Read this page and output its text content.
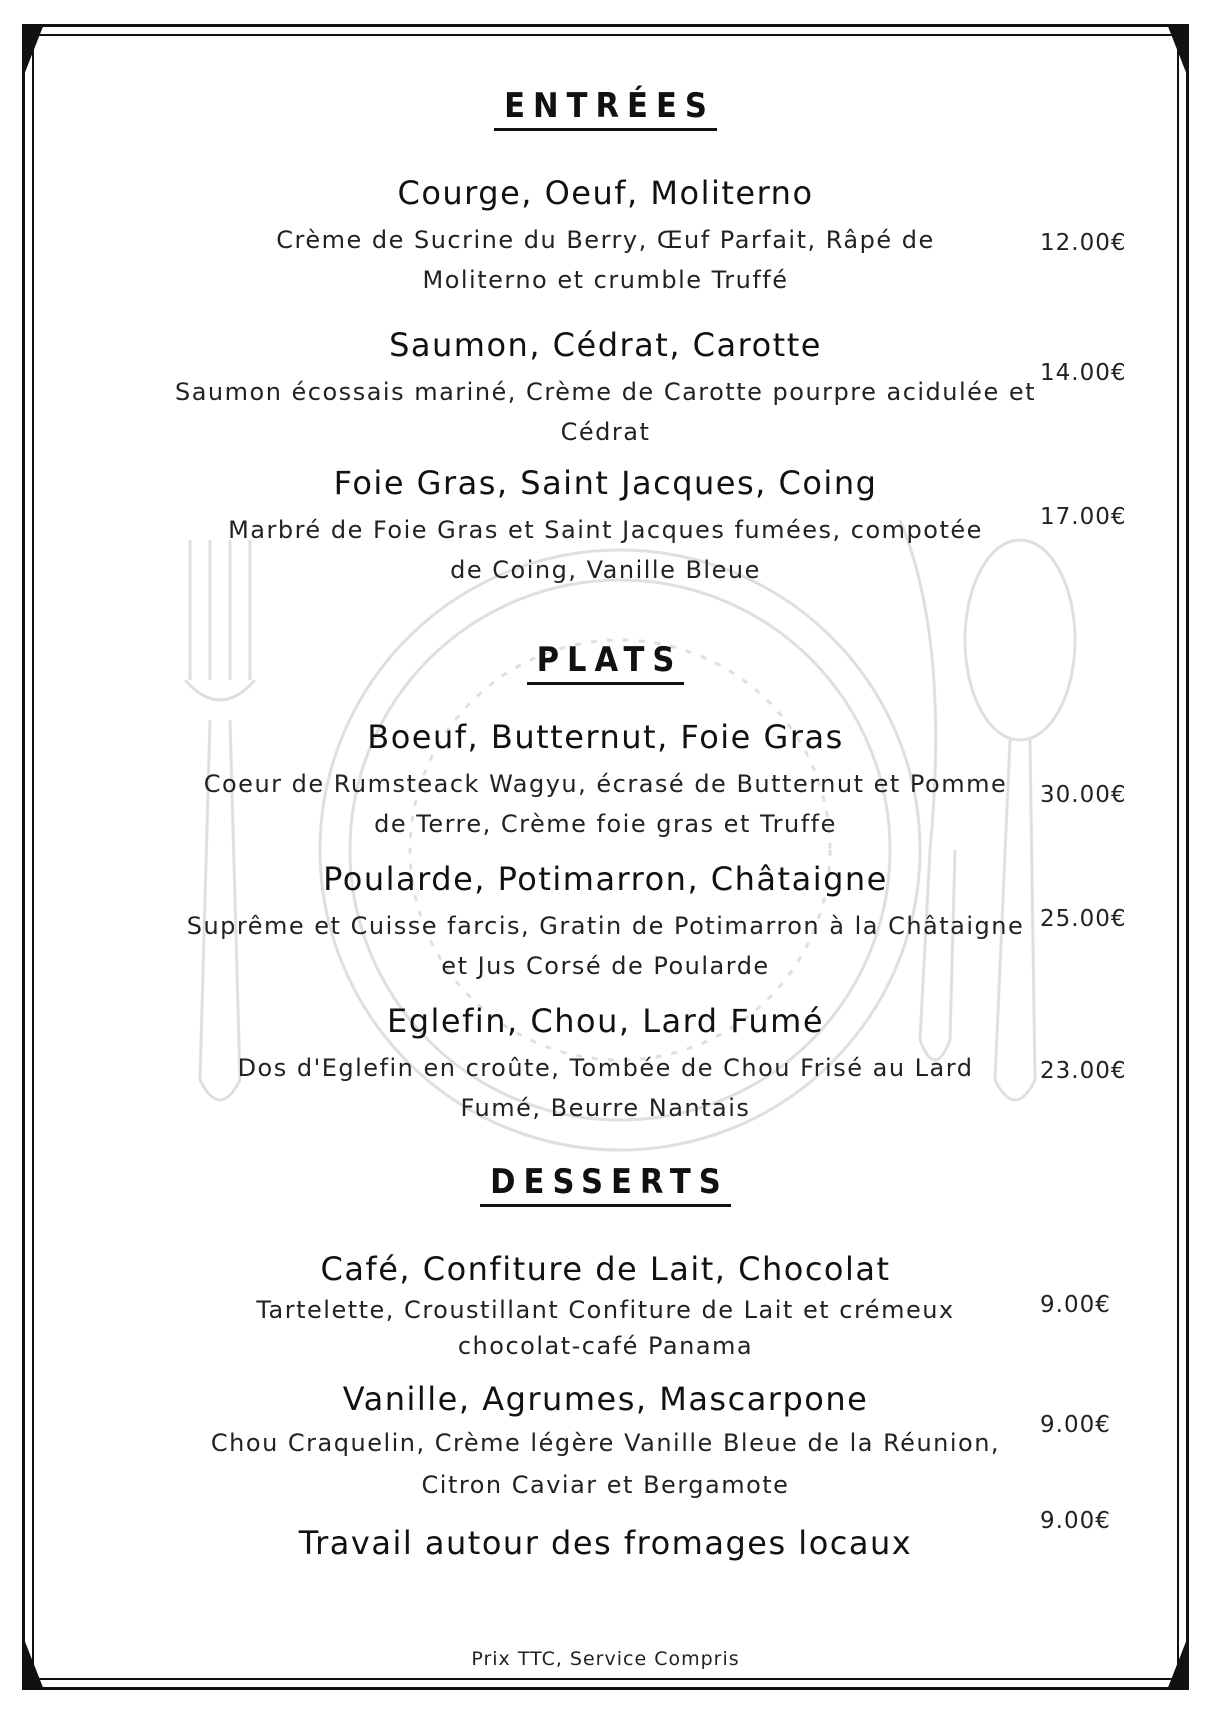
ENTRÉES
Courge, Oeuf, Moliterno
Crème de Sucrine du Berry, Œuf Parfait, Râpé de
Moliterno et crumble Truffé
12.00€
Saumon, Cédrat, Carotte
Saumon écossais mariné, Crème de Carotte pourpre acidulée et
Cédrat
14.00€
Foie Gras, Saint Jacques, Coing
Marbré de Foie Gras et Saint Jacques fumées, compotée
de Coing, Vanille Bleue
17.00€
PLATS
Boeuf, Butternut, Foie Gras
Coeur de Rumsteack Wagyu, écrasé de Butternut et Pomme
de Terre, Crème foie gras et Truffe
30.00€
Poularde, Potimarron, Châtaigne
Suprême et Cuisse farcis, Gratin de Potimarron à la Châtaigne
et Jus Corsé de Poularde
25.00€
Eglefin, Chou, Lard Fumé
Dos d'Eglefin en croûte, Tombée de Chou Frisé au Lard
Fumé, Beurre Nantais
23.00€
DESSERTS
Café, Confiture de Lait, Chocolat
Tartelette, Croustillant Confiture de Lait et crémeux
chocolat-café Panama
9.00€
Vanille, Agrumes, Mascarpone
Chou Craquelin, Crème légère Vanille Bleue de la Réunion,
Citron Caviar et Bergamote
9.00€
Travail autour des fromages locaux
9.00€
Prix TTC, Service Compris
